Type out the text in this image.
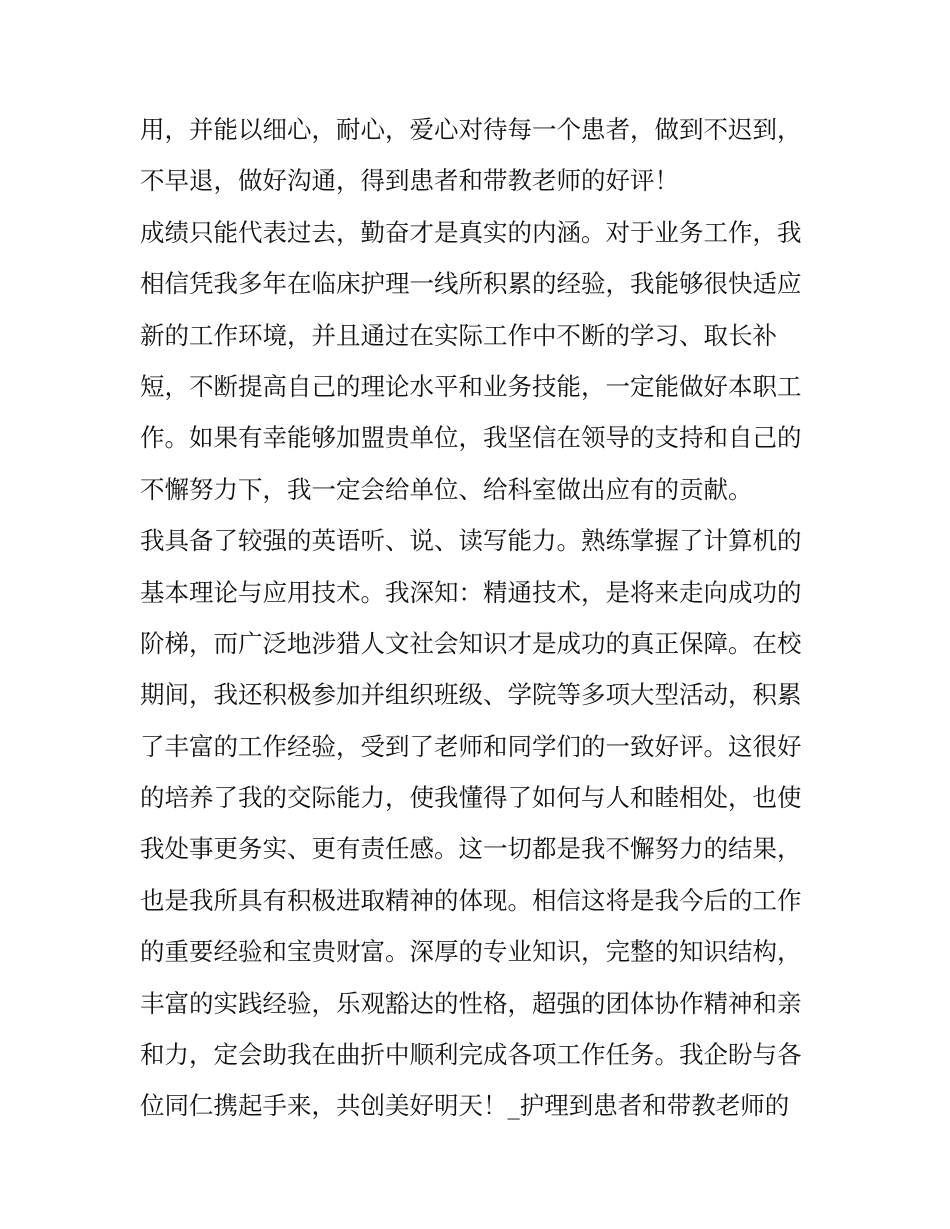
用，并能以细心，耐心，爱心对待每一个患者，做到不迟到，
不早退，做好沟通，得到患者和带教老师的好评！
成绩只能代表过去，勤奋才是真实的内涵。对于业务工作，我
相信凭我多年在临床护理一线所积累的经验，我能够很快适应
新的工作环境，并且通过在实际工作中不断的学习、取长补
短，不断提高自己的理论水平和业务技能，一定能做好本职工
作。如果有幸能够加盟贵单位，我坚信在领导的支持和自己的
不懈努力下，我一定会给单位、给科室做出应有的贡献。
我具备了较强的英语听、说、读写能力。熟练掌握了计算机的
基本理论与应用技术。我深知：精通技术，是将来走向成功的
阶梯，而广泛地涉猎人文社会知识才是成功的真正保障。在校
期间，我还积极参加并组织班级、学院等多项大型活动，积累
了丰富的工作经验，受到了老师和同学们的一致好评。这很好
的培养了我的交际能力，使我懂得了如何与人和睦相处，也使
我处事更务实、更有责任感。这一切都是我不懈努力的结果，
也是我所具有积极进取精神的体现。相信这将是我今后的工作
的重要经验和宝贵财富。深厚的专业知识，完整的知识结构，
丰富的实践经验，乐观豁达的性格，超强的团体协作精神和亲
和力，定会助我在曲折中顺利完成各项工作任务。我企盼与各
位同仁携起手来，共创美好明天！_护理到患者和带教老师的
